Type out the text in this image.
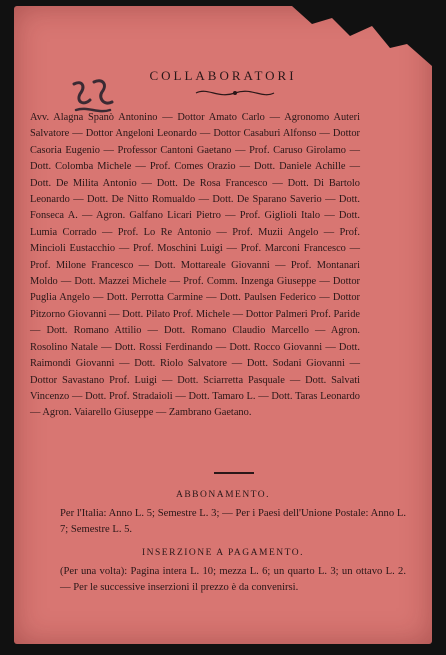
COLLABORATORI

Avv. Alagna Spanò Antonino — Dottor Amato Carlo — Agronomo Auteri Salvatore — Dottor Angeloni Leonardo — Dottor Casaburi Alfonso — Dottor Casoria Eugenio — Professor Cantoni Gaetano — Prof. Caruso Girolamo — Dott. Colomba Michele — Prof. Comes Orazio — Dott. Daniele Achille — Dott. De Milita Antonio — Dott. De Rosa Francesco — Dott. Di Bartolo Leonardo — Dott. De Nitto Romualdo — Dott. De Sparano Saverio — Dott. Fonseca A. — Agron. Galfano Licari Pietro — Prof. Giglioli Italo — Dott. Lumia Corrado — Prof. Lo Re Antonio — Prof. Muzii Angelo — Prof. Mincioli Eustacchio — Prof. Moschini Luigi — Prof. Marconi Francesco — Prof. Milone Francesco — Dott. Mottareale Giovanni — Prof. Montanari Moldo — Dott. Mazzei Michele — Prof. Comm. Inzenga Giuseppe — Dottor Puglia Angelo — Dott. Perrotta Carmine — Dott. Paulsen Federico — Dottor Pitzorno Giovanni — Dott. Pilato Prof. Michele — Dottor Palmeri Prof. Paride — Dott. Romano Attilio — Dott. Romano Claudio Marcello — Agron. Rosolino Natale — Dott. Rossi Ferdinando — Dott. Rocco Giovanni — Dott. Raimondi Giovanni — Dott. Riolo Salvatore — Dott. Sodani Giovanni — Dottor Savastano Prof. Luigi — Dott. Sciarretta Pasquale — Dott. Salvati Vincenzo — Dott. Prof. Stradaioli — Dott. Tamaro L. — Dott. Taras Leonardo — Agron. Vaiarello Giuseppe — Zambrano Gaetano.

ABBONAMENTO.
Per l'Italia: Anno L. 5; Semestre L. 3; — Per i Paesi dell'Unione Postale: Anno L. 7; Semestre L. 5.
INSERZIONE A PAGAMENTO.
(Per una volta): Pagina intera L. 10; mezza L. 6; un quarto L. 3; un ottavo L. 2. — Per le successive inserzioni il prezzo è da convenirsi.
